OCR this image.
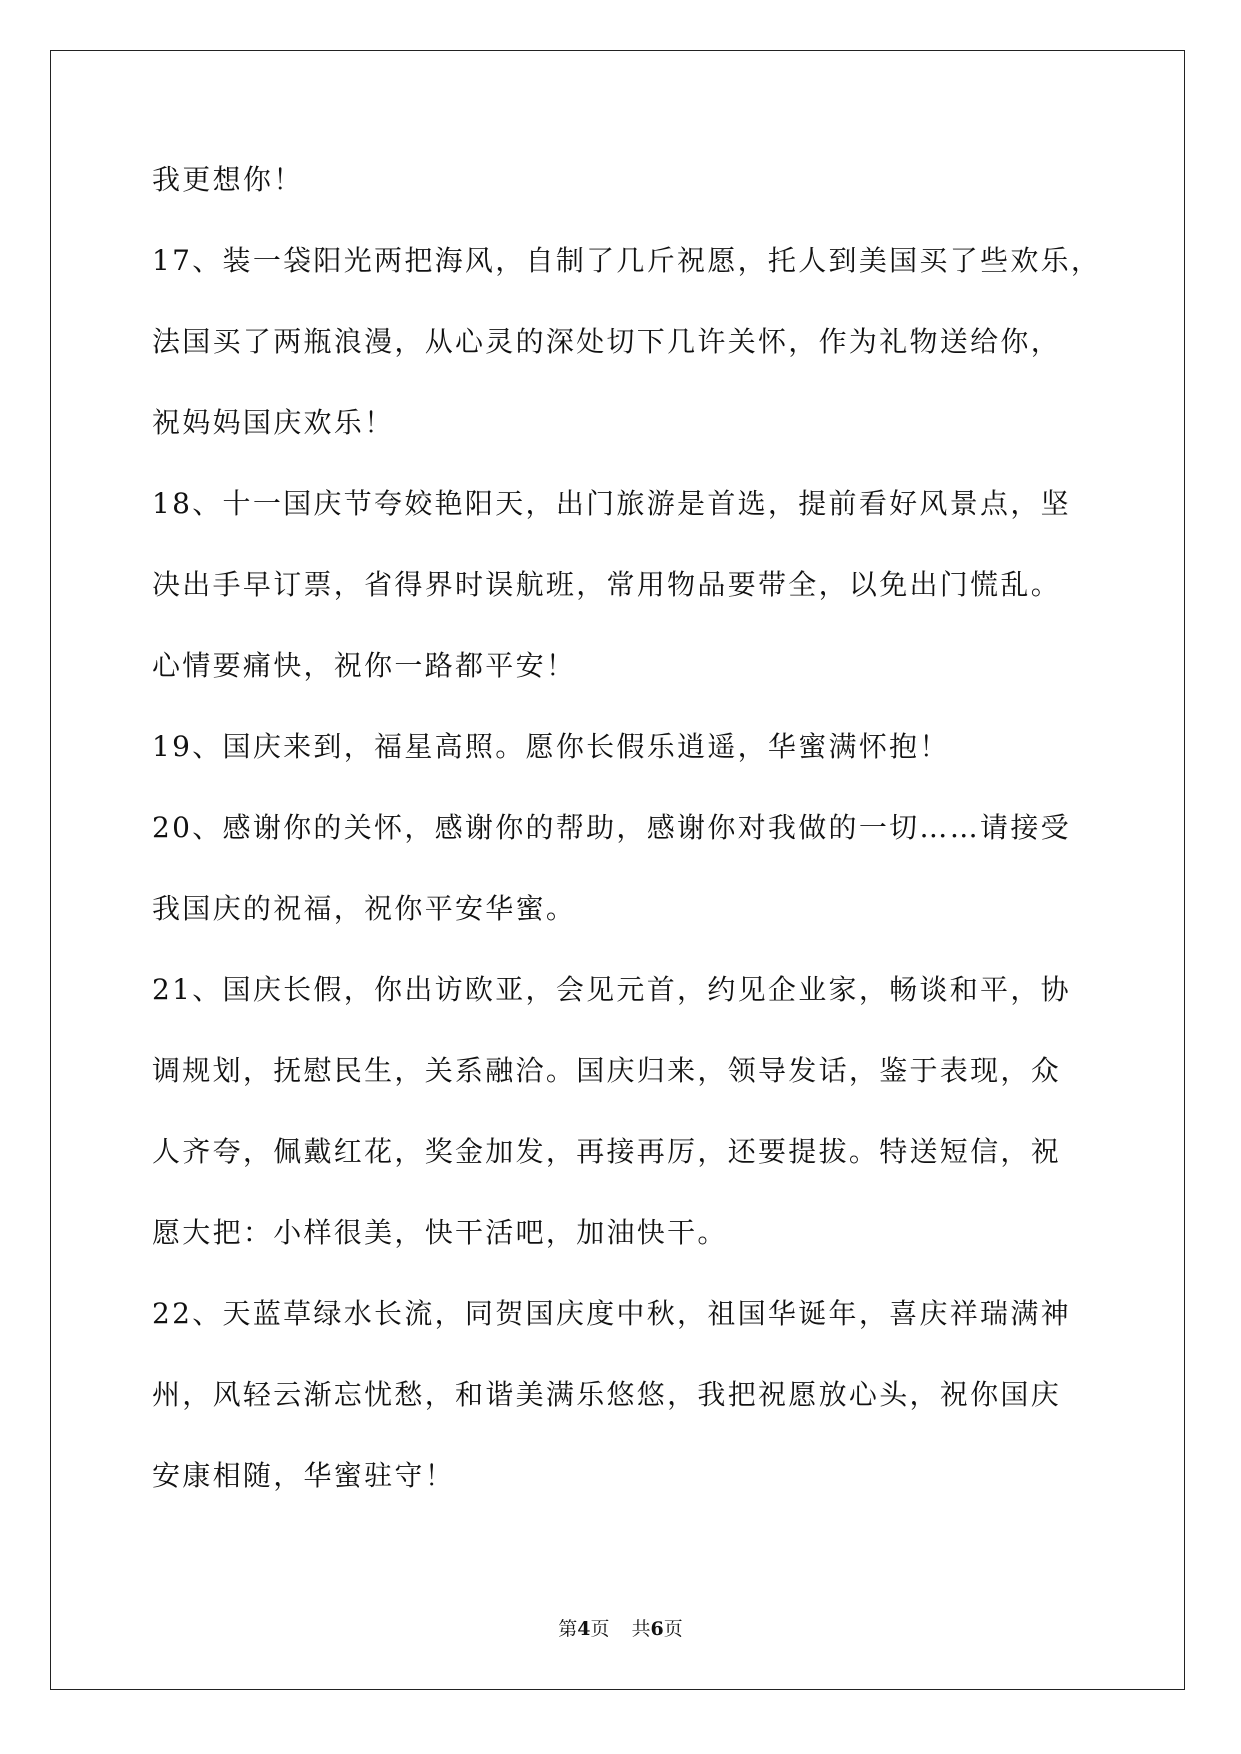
我更想你！
17、装一袋阳光两把海风，自制了几斤祝愿，托人到美国买了些欢乐，
法国买了两瓶浪漫，从心灵的深处切下几许关怀，作为礼物送给你，
祝妈妈国庆欢乐！
18、十一国庆节夸姣艳阳天，出门旅游是首选，提前看好风景点，坚
决出手早订票，省得界时误航班，常用物品要带全，以免出门慌乱。
心情要痛快，祝你一路都平安！
19、国庆来到，福星高照。愿你长假乐逍遥，华蜜满怀抱！
20、感谢你的关怀，感谢你的帮助，感谢你对我做的一切……请接受
我国庆的祝福，祝你平安华蜜。
21、国庆长假，你出访欧亚，会见元首，约见企业家，畅谈和平，协
调规划，抚慰民生，关系融洽。国庆归来，领导发话，鉴于表现，众
人齐夸，佩戴红花，奖金加发，再接再厉，还要提拔。特送短信，祝
愿大把：小样很美，快干活吧，加油快干。
22、天蓝草绿水长流，同贺国庆度中秋，祖国华诞年，喜庆祥瑞满神
州，风轻云渐忘忧愁，和谐美满乐悠悠，我把祝愿放心头，祝你国庆
安康相随，华蜜驻守！
第4页 共6页
